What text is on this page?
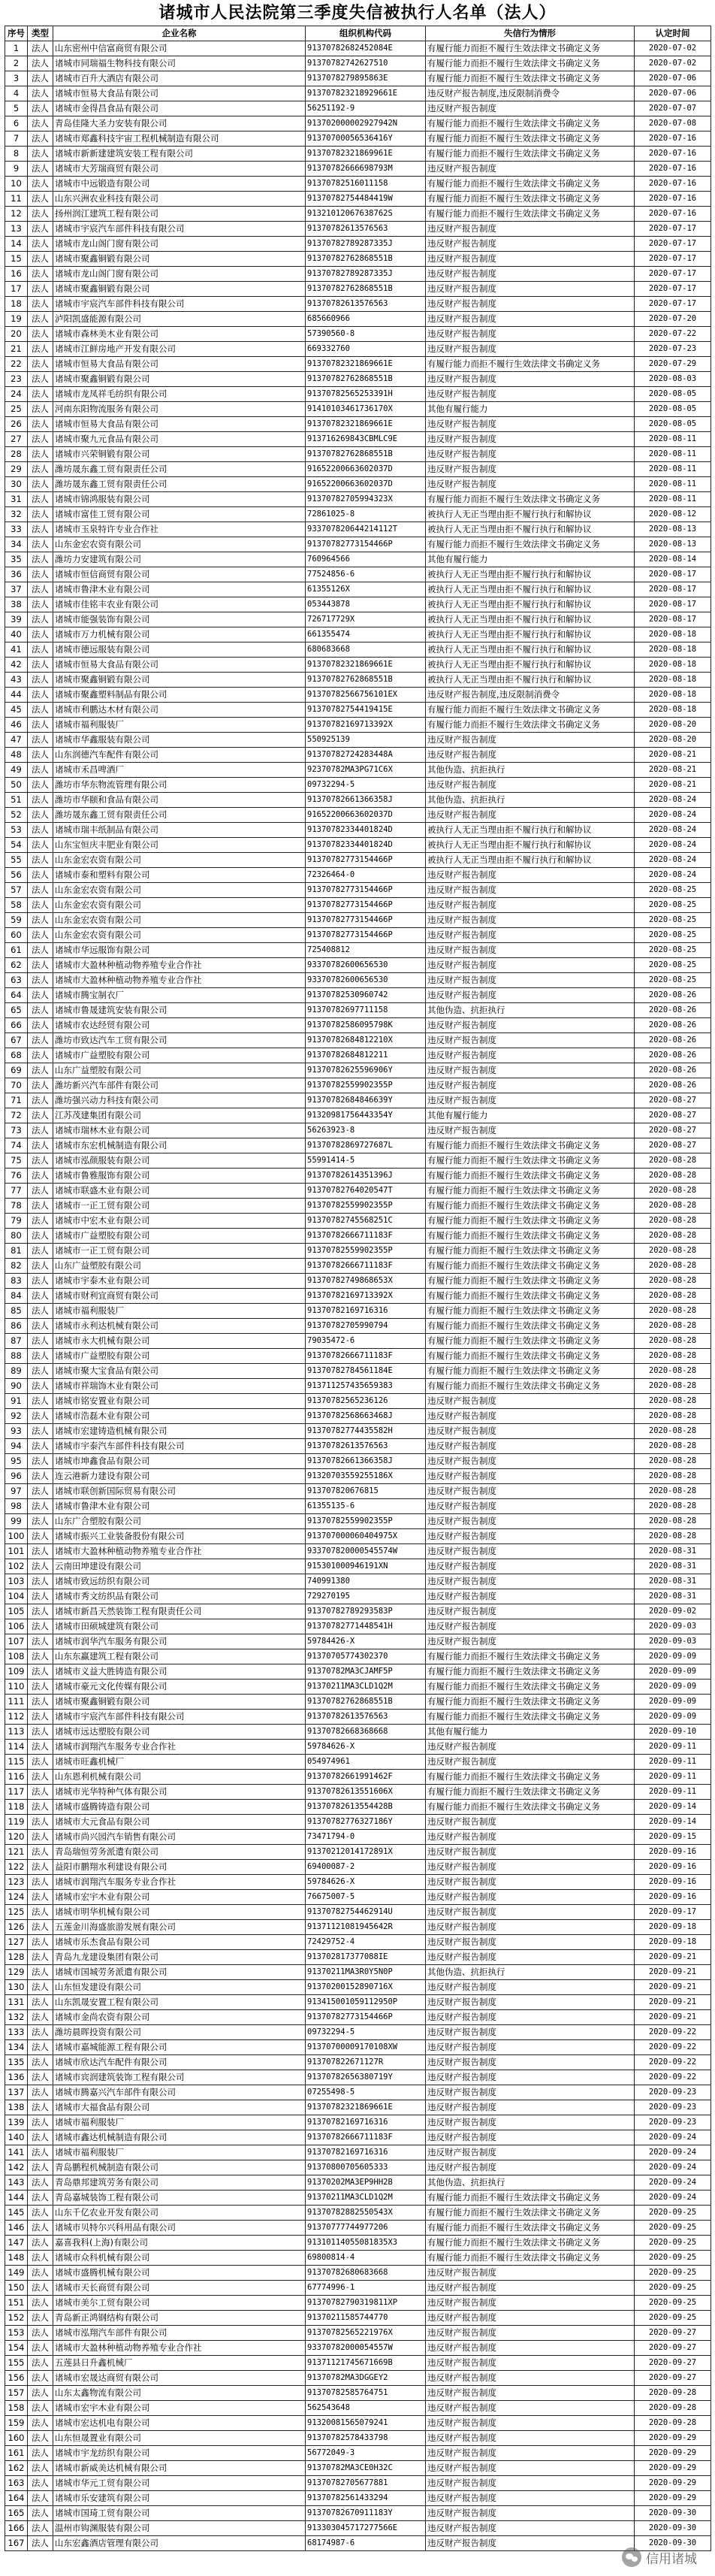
诸城市人民法院第三季度失信被执行人名单（法人）
序号	类型	企业名称	组织机构代码	失信行为情形	认定时间
1	法人	山东密州中信富商贸有限公司	91370782682452084E	有履行能力而拒不履行生效法律文书确定义务	2020-07-02
2	法人	诸城市同瑞福生物科技有限公司	91370782742627510	有履行能力而拒不履行生效法律文书确定义务	2020-07-02
3	法人	诸城市百升大酒店有限公司	9137078279895863E	有履行能力而拒不履行生效法律文书确定义务	2020-07-06
4	法人	诸城市恒易大食品有限公司	913707823218929661E	违反财产报告制度,违反限制消费令	2020-07-06
5	法人	诸城市金得昌食品有限公司	56251192-9	违反财产报告制度	2020-07-07
6	法人	青岛佳隆大圣力安装有限公司	913702000002927942N	有履行能力而拒不履行生效法律文书确定义务	2020-07-08
7	法人	诸城市郑鑫科技宇宙工程机械制造有限公司	91370700056536416Y	有履行能力而拒不履行生效法律文书确定义务	2020-07-16
8	法人	诸城市新新建建筑安装工程有限公司	91370782321869961E	有履行能力而拒不履行生效法律文书确定义务	2020-07-16
9	法人	诸城市大芳瑞商贸有限公司	91370782666698793M	违反财产报告制度	2020-07-16
10	法人	诸城市中远锻造有限公司	91370782516011158	有履行能力而拒不履行生效法律文书确定义务	2020-07-16
11	法人	山东兴洲农业科技有限公司	91370782754484419W	有履行能力而拒不履行生效法律文书确定义务	2020-07-16
12	法人	扬州润江建筑工程有限公司	91321012067638762S	有履行能力而拒不履行生效法律文书确定义务	2020-07-16
13	法人	诸城市宇宸汽车部件科技有限公司	91370782613576563	违反财产报告制度	2020-07-17
14	法人	诸城市龙山阁门窗有限公司	91370782789287335J	违反财产报告制度	2020-07-17
15	法人	诸城市聚鑫铜锻有限公司	91370782762868551B	违反财产报告制度	2020-07-17
16	法人	诸城市龙山阁门窗有限公司	91370782789287335J	违反财产报告制度	2020-07-17
17	法人	诸城市聚鑫铜锻有限公司	91370782762868551B	违反财产报告制度	2020-07-17
18	法人	诸城市宇宸汽车部件科技有限公司	91370782613576563	违反财产报告制度	2020-07-17
19	法人	泸阳凯盛能源有限公司	685660966	违反财产报告制度	2020-07-20
20	法人	诸城市森林美木业有限公司	57390560-8	违反财产报告制度	2020-07-22
21	法人	诸城市江鲜房地产开发有限公司	669332760	违反财产报告制度	2020-07-23
22	法人	诸城市恒易大食品有限公司	91370782321869661E	有履行能力而拒不履行生效法律文书确定义务	2020-07-29
23	法人	诸城市聚鑫铜锻有限公司	91370782762868551B	违反财产报告制度	2020-08-03
24	法人	诸城市龙凤祥毛纺织有限公司	91370782565253391H	违反财产报告制度	2020-08-05
25	法人	河南东阳物流服务有限公司	91410103461736170X	其他有履行能力	2020-08-05
26	法人	诸城市恒易大食品有限公司	91370782321869661E	违反财产报告制度	2020-08-05
27	法人	诸城市聚九元食品有限公司	913716269843CBMLC9E	违反财产报告制度	2020-08-11
28	法人	诸城市兴荣铜锻有限公司	91370782762868551B	违反财产报告制度	2020-08-11
29	法人	潍坊晟东鑫工贸有限责任公司	91652200663602037D	违反财产报告制度	2020-08-11
30	法人	潍坊晟东鑫工贸有限责任公司	91652200663602037D	违反财产报告制度	2020-08-11
31	法人	诸城市锦鸿服装有限公司	91370782705994323X	有履行能力而拒不履行生效法律文书确定义务	2020-08-11
32	法人	诸城市富佳工贸有限公司	72861025-8	被执行人无正当理由拒不履行执行和解协议	2020-08-12
33	法人	诸城市玉泉特许专业合作社	933707820644214112T	被执行人无正当理由拒不履行执行和解协议	2020-08-13
34	法人	山东金宏农资有限公司	91370782773154466P	有履行能力而拒不履行生效法律文书确定义务	2020-08-13
35	法人	潍坊力安建筑有限公司	760964566	其他有履行能力	2020-08-14
36	法人	诸城市恒信商贸有限公司	77524856-6	被执行人无正当理由拒不履行执行和解协议	2020-08-17
37	法人	诸城市鲁津木业有限公司	61355126X	被执行人无正当理由拒不履行执行和解协议	2020-08-17
38	法人	诸城市佳铭丰农业有限公司	053443878	被执行人无正当理由拒不履行执行和解协议	2020-08-17
39	法人	诸城市能强装饰有限公司	726717729X	被执行人无正当理由拒不履行执行和解协议	2020-08-17
40	法人	诸城市万力机械有限公司	661355474	被执行人无正当理由拒不履行执行和解协议	2020-08-18
41	法人	诸城市德远服装有限公司	680683668	被执行人无正当理由拒不履行执行和解协议	2020-08-18
42	法人	诸城市恒易大食品有限公司	91370782321869661E	被执行人无正当理由拒不履行执行和解协议	2020-08-18
43	法人	诸城市聚鑫铜锻有限公司	91370782762868551B	被执行人无正当理由拒不履行执行和解协议	2020-08-18
44	法人	诸城市聚鑫塑料制品有限公司	91370782566756101EX	违反财产报告制度,违反限制消费令	2020-08-18
45	法人	诸城市利鹏达木材有限公司	91370782754419415E	有履行能力而拒不履行生效法律文书确定义务	2020-08-18
46	法人	诸城市福利服装厂	91370782169713392X	有履行能力而拒不履行生效法律文书确定义务	2020-08-20
47	法人	诸城市华鑫服装有限公司	550925139	违反财产报告制度	2020-08-20
48	法人	山东润德汽车配件有限公司	91370782724283448A	违反财产报告制度	2020-08-21
49	法人	诸城市禾昌啤酒厂	92370782MA3PG71C6X	其他伪造、抗拒执行	2020-08-21
50	法人	潍坊市华东物流管理有限公司	09732294-5	违反财产报告制度	2020-08-21
51	法人	潍坊市华颐和食品有限公司	91370782661366358J	其他伪造、抗拒执行	2020-08-24
52	法人	潍坊晟东鑫工贸有限责任公司	91652200663602037D	违反财产报告制度	2020-08-24
53	法人	诸城市瑞丰纸制品有限公司	91370782334401824D	被执行人无正当理由拒不履行执行和解协议	2020-08-24
54	法人	山东宝恒庆丰肥业有限公司	91370782334401824D	被执行人无正当理由拒不履行执行和解协议	2020-08-24
55	法人	山东金宏农资有限公司	91370782773154466P	被执行人无正当理由拒不履行执行和解协议	2020-08-24
56	法人	诸城市泰和塑料有限公司	72326464-0	违反财产报告制度	2020-08-24
57	法人	山东金宏农资有限公司	91370782773154466P	违反财产报告制度	2020-08-25
58	法人	山东金宏农资有限公司	91370782773154466P	违反财产报告制度	2020-08-25
59	法人	山东金宏农资有限公司	91370782773154466P	违反财产报告制度	2020-08-25
60	法人	山东金宏农资有限公司	91370782773154466P	违反财产报告制度	2020-08-25
61	法人	诸城市华远服饰有限公司	725408812	违反财产报告制度	2020-08-25
62	法人	诸城市大盈林种植动物养殖专业合作社	93370782600656530	违反财产报告制度	2020-08-25
63	法人	诸城市大盈林种植动物养殖专业合作社	93370782600656530	违反财产报告制度	2020-08-25
64	法人	诸城市腾宝制衣厂	91370782530960742	违反财产报告制度	2020-08-26
65	法人	诸城市鲁晟建筑安装有限公司	91370782697711158	其他伪造、抗拒执行	2020-08-26
66	法人	诸城市农达经贸有限公司	91370782586095798K	违反财产报告制度	2020-08-26
67	法人	潍坊市致达汽车工贸有限公司	91370782684812210X	违反财产报告制度	2020-08-26
68	法人	诸城市广益塑胶有限公司	91370782684812211	违反财产报告制度	2020-08-26
69	法人	山东广益塑胶有限公司	91370782625596906Y	违反财产报告制度	2020-08-26
70	法人	潍坊新兴汽车部件有限公司	91370782559902355P	违反财产报告制度	2020-08-26
71	法人	潍坊强兴动力科技有限公司	91370782684846639Y	违反财产报告制度	2020-08-27
72	法人	江苏茂建集团有限公司	91320981756443354Y	其他有履行能力	2020-08-27
73	法人	诸城市瑞林木业有限公司	56263923-8	违反财产报告制度	2020-08-27
74	法人	诸城市东宏机械制造有限公司	91370782869727687L	有履行能力而拒不履行生效法律文书确定义务	2020-08-27
75	法人	诸城市泓颜服装有限公司	55991414-5	有履行能力而拒不履行生效法律文书确定义务	2020-08-28
76	法人	诸城市鲁雅服饰有限公司	91370782614351396J	有履行能力而拒不履行生效法律文书确定义务	2020-08-28
77	法人	诸城市联盛木业有限公司	91370782764020547T	有履行能力而拒不履行生效法律文书确定义务	2020-08-28
78	法人	诸城市一正工贸有限公司	91370782559902355P	有履行能力而拒不履行生效法律文书确定义务	2020-08-28
79	法人	诸城市中宏木业有限公司	91370782745568251C	有履行能力而拒不履行生效法律文书确定义务	2020-08-28
80	法人	诸城市广益塑胶有限公司	91370782666711183F	有履行能力而拒不履行生效法律文书确定义务	2020-08-28
81	法人	诸城市一正工贸有限公司	91370782559902355P	有履行能力而拒不履行生效法律文书确定义务	2020-08-28
82	法人	山东广益塑胶有限公司	91370782666711183F	有履行能力而拒不履行生效法律文书确定义务	2020-08-28
83	法人	诸城市宇泰木业有限公司	91370782749868653X	有履行能力而拒不履行生效法律文书确定义务	2020-08-28
84	法人	诸城市财利宜商贸有限公司	91370782169713392X	有履行能力而拒不履行生效法律文书确定义务	2020-08-28
85	法人	诸城市福利服装厂	91370782169716316	有履行能力而拒不履行生效法律文书确定义务	2020-08-28
86	法人	诸城市永利达机械有限公司	91370782705990794	有履行能力而拒不履行生效法律文书确定义务	2020-08-28
87	法人	诸城市永大机械有限公司	79035472-6	有履行能力而拒不履行生效法律文书确定义务	2020-08-28
88	法人	诸城市广益塑胶有限公司	91370782666711183F	有履行能力而拒不履行生效法律文书确定义务	2020-08-28
89	法人	诸城市聚大宝食品有限公司	91370782784561184E	有履行能力而拒不履行生效法律文书确定义务	2020-08-28
90	法人	诸城市祥瑞饰木业有限公司	913711257435659383	有履行能力而拒不履行生效法律文书确定义务	2020-08-28
91	法人	诸城市铭安置业有限公司	91370782565236126	违反财产报告制度	2020-08-28
92	法人	诸城市浩磊木业有限公司	91370782568663468J	违反财产报告制度	2020-08-28
93	法人	诸城市宏建铸造机械有限公司	91370782774435582H	违反财产报告制度	2020-08-28
94	法人	诸城市宇泰汽车部件科技有限公司	91370782613576563	违反财产报告制度	2020-08-28
95	法人	诸城市坤鑫食品有限公司	91370782661366358J	违反财产报告制度	2020-08-28
96	法人	连云港新力建设有限公司	91320703559255186X	违反财产报告制度	2020-08-28
97	法人	诸城市联创新国际贸易有限公司	913707820676815	违反财产报告制度	2020-08-28
98	法人	诸城市鲁津木业有限公司	61355135-6	违反财产报告制度	2020-08-28
99	法人	山东广合塑胶有限公司	91370782559902355P	违反财产报告制度	2020-08-28
100	法人	诸城市振兴工业装备股份有限公司	913707000060404975X	违反财产报告制度	2020-08-28
101	法人	诸城市大盈林种植动物养殖专业合作社	933707820000545574W	违反财产报告制度	2020-08-31
102	法人	云南田坤建设有限公司	915301000946191XN	违反财产报告制度	2020-08-31
103	法人	诸城市致远纺织有限公司	740991380	违反财产报告制度	2020-08-31
104	法人	诸城市秀文纺织品有限公司	729270195	违反财产报告制度	2020-08-31
105	法人	诸城市新昌天然装饰工程有限责任公司	91370782789293583P	违反财产报告制度	2020-09-02
106	法人	诸城市田硕城建筑有限公司	91370782771448541H	违反财产报告制度	2020-09-03
107	法人	诸城市润华汽车服务有限公司	59784426-X	违反财产报告制度	2020-09-03
108	法人	山东东赢建筑工程有限公司	91370705774302370	有履行能力而拒不履行生效法律文书确定义务	2020-09-09
109	法人	诸城市义益大胜铸造有限公司	91370782MA3CJAMF5P	有履行能力而拒不履行生效法律文书确定义务	2020-09-09
110	法人	诸城市豪元文化传媒有限公司	91370211MA3CLD1Q2M	有履行能力而拒不履行生效法律文书确定义务	2020-09-09
111	法人	诸城市聚鑫铜锻有限公司	91370782762868551B	有履行能力而拒不履行生效法律文书确定义务	2020-09-09
112	法人	诸城市宇宸汽车部件科技有限公司	91370782613576563	有履行能力而拒不履行生效法律文书确定义务	2020-09-09
113	法人	诸城市远达塑胶有限公司	91370782668368668	其他有履行能力	2020-09-10
114	法人	诸城市润翔汽车服务专业合作社	59784626-X	违反财产报告制度	2020-09-11
115	法人	诸城市旺鑫机械厂	054974961	违反财产报告制度	2020-09-11
116	法人	山东恩利机械有限公司	91370782661991462F	有履行能力而拒不履行生效法律文书确定义务	2020-09-11
117	法人	诸城市光华特种气体有限公司	91370782613551606X	有履行能力而拒不履行生效法律文书确定义务	2020-09-11
118	法人	诸城市盛腾铸造有限公司	91370782613554428B	有履行能力而拒不履行生效法律文书确定义务	2020-09-14
119	法人	诸城市大元食品有限公司	91370782776327186Y	违反财产报告制度	2020-09-14
120	法人	诸城市尚兴园汽车销售有限公司	73471794-0	违反财产报告制度	2020-09-15
121	法人	青岛瑞恒劳务派遣有限公司	91370212014172891X	违反财产报告制度	2020-09-16
122	法人	益阳市鹏翔水利建设有限公司	69400087-2	违反财产报告制度	2020-09-16
123	法人	诸城市润翔汽车服务专业合作社	59784626-X	违反财产报告制度	2020-09-16
124	法人	诸城市宏宇木业有限公司	76675007-5	违反财产报告制度	2020-09-16
125	法人	诸城市明华机械有限公司	91370782754462914U	违反财产报告制度	2020-09-17
126	法人	五莲金川海盛旅游发展有限公司	91371121081945642R	违反财产报告制度	2020-09-18
127	法人	诸城市乐杰食品有限公司	72429752-4	违反财产报告制度	2020-09-18
128	法人	青岛九龙建设集团有限公司	913702817377088IE	违反财产报告制度	2020-09-21
129	法人	诸城市国城劳务派遣有限公司	91370211MA3R0Y5N0P	其他伪造、抗拒执行	2020-09-21
130	法人	山东恒发建设有限公司	91370200152890716X	违反财产报告制度	2020-09-21
131	法人	山东凯晟安置工程有限公司	913415001059112950P	违反财产报告制度	2020-09-21
132	法人	诸城市金尚农资有限公司	91370782773154466P	违反财产报告制度	2020-09-21
133	法人	潍坊晨晖投资有限公司	09732294-5	违反财产报告制度	2020-09-22
134	法人	诸城市嘉城能源工程有限公司	91370700009170108XW	违反财产报告制度	2020-09-22
135	法人	诸城市欣达汽车配件有限公司	913707822671127R	违反财产报告制度	2020-09-22
136	法人	诸城市宾润建筑装饰工程有限公司	91370782656380719Y	违反财产报告制度	2020-09-22
137	法人	诸城市腾嘉兴汽车部件有限公司	07255498-5	违反财产报告制度	2020-09-23
138	法人	诸城市大福食品有限公司	91370782321869661E	违反财产报告制度	2020-09-23
139	法人	诸城市福利服装厂	91370782169716316	违反财产报告制度	2020-09-23
140	法人	诸城市鑫达机械制造有限公司	91370782666711183F	违反财产报告制度	2020-09-24
141	法人	诸城市福利服装厂	91370782169716316	违反财产报告制度	2020-09-24
142	法人	青岛鹏程机械制造有限公司	91370800705605333	违反财产报告制度	2020-09-24
143	法人	青岛鼎邦建筑劳务有限公司	91370202MA3EP9HH2B	其他伪造、抗拒执行	2020-09-24
144	法人	青岛嘉城装饰工程有限公司	91370211MA3CLD1Q2M	有履行能力而拒不履行生效法律文书确定义务	2020-09-24
145	法人	山东千亿农业开发有限公司	91370782882550543X	有履行能力而拒不履行生效法律文书确定义务	2020-09-25
146	法人	诸城市贝特尔兴科用品有限公司	91370777744977206	有履行能力而拒不履行生效法律文书确定义务	2020-09-25
147	法人	嘉喜我科(上海)有限公司	91310114055081835X3	有履行能力而拒不履行生效法律文书确定义务	2020-09-25
148	法人	诸城市众科机械有限公司	69800814-4	有履行能力而拒不履行生效法律文书确定义务	2020-09-25
149	法人	诸城市盛腾机械有限公司	91370782680683668	违反财产报告制度	2020-09-25
150	法人	诸城市天长商贸有限公司	67774996-1	违反财产报告制度	2020-09-25
151	法人	诸城市美尔工贸有限公司	91370782790319811XP	违反财产报告制度	2020-09-25
152	法人	青岛新正鸿钢结构有限公司	91370211585744770	违反财产报告制度	2020-09-25
153	法人	诸城市泓翔汽车部件有限公司	91370782565221976X	违反财产报告制度	2020-09-27
154	法人	诸城市大盈林种植动物养殖专业合作社	93370782000054557W	违反财产报告制度	2020-09-27
155	法人	五莲县日升鑫机械厂	91371121745671669B	违反财产报告制度	2020-09-27
156	法人	诸城市宏晟达商贸有限公司	91370782MA3DGGEY2	违反财产报告制度	2020-09-27
157	法人	山东太鑫物流有限公司	91370782585764751	违反财产报告制度	2020-09-28
158	法人	诸城市宏宇木业有限公司	562543648	违反财产报告制度	2020-09-28
159	法人	诸城市宏达机电有限公司	91320081565079241	违反财产报告制度	2020-09-28
160	法人	山东恒晟置业有限公司	91370782578433798	违反财产报告制度	2020-09-29
161	法人	诸城市宇龙纺织有限公司	56772049-3	违反财产报告制度	2020-09-29
162	法人	诸城市新威美达机械有限公司	91370782MA3CE0H32C	违反财产报告制度	2020-09-29
163	法人	诸城市华元工贸有限公司	91370782705677881	违反财产报告制度	2020-09-29
164	法人	诸城市乐安建筑有限公司	91370782561433294	违反财产报告制度	2020-09-29
165	法人	诸城市国琦工贸有限公司	91370782670911183Y	违反财产报告制度	2020-09-30
166	法人	温州市钩渊服装有限公司	913303045717277566E	违反财产报告制度	2020-09-30
167	法人	山东宏鑫酒店管理有限公司	68174987-6	违反财产报告制度	2020-09-30
信用诸城
